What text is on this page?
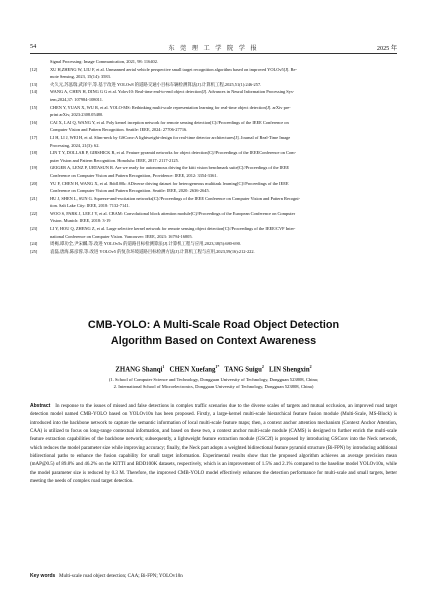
54	东 莞 理 工 学 院 学 报	2025 年
Signal Processing: Image Communication, 2021, 98: 116402.
[12]	XU H,ZHENG W, LIU F, et al. Unmanned aerial vehicle perspective small target recognition algorithm based on improved YOLOv5[J]. Re-
mote Sensing, 2023, 15(14): 3583.
[13]	火久元,苏泓瑞,武泽宇,等.基于改进 YOLOv8 的道路交通小目标车辆检测算法[J].计算机工程,2025,51(1):246-257.
[14]	WANG A, CHEN H, DING G G et al. Yolov10: Real-time end-to-end object detection[J]. Advances in Neural Information Processing Sys-
tem,2024,37: 107984-108011.
[15]	CHEN Y, YUAN X, WU R, et al. YOLO-MS: Rethinking multi-scale representation learning for real-time object detection[J]. arXiv pre-
print arXiv, 2023:2308.05480.
[16]	CAI X, LAI Q, WANG Y, et al. Poly kernel inception network for remote sensing detection[C]//Proceedings of the IEEE Conference on
Computer Vision and Pattern Recognition. Seattle: IEEE, 2024: 27706-27716.
[17]	LI H, LI J, WEI H, et al. Slim-neck by GSConv:A lightweight-design for real-time detector architectures[J]. Journal of Real-Time Image
Processing, 2024, 21(3): 62.
[18]	LIN T Y, DOLLAR P, GIRSHICK R, et al. Feature pyramid networks for object detection[C]//Proceedings of the IEEEConference on Com-
puter Vision and Pattern Recognition. Honolulu: IEEE, 2017: 2117-2125.
[19]	GEIGER A, LENZ P, URTASUN R. Are we ready for autonomous driving the kitti vision benchmark suite[C]//Proceedings of the IEEE
Conference on Computer Vision and Pattern Recognition, Providence: IEEE, 2012: 3354-3361.
[20]	YU F, CHEN H, WANG X, et al. Bdd100k: ADiverse driving dataset for heterogeneous multitask learning[C]//Proceedings of the IEEE
Conference on Computer Vision and Pattern Recognition. Seattle: IEEE, 2020: 2636-2645.
[21]	HU J, SHEN L, SUN G. Squeeze-and-excitation networks[C]//Proceedings of the IEEE Conference on Computer Vision and Pattern Recogni-
tion. Salt Lake City: IEEE, 2018: 7132-7141.
[22]	WOO S, PARK J, LEE J Y, et al. CBAM: Convolutional block attention module[C]//Proceedings of the European Conference on Computer
Vision. Munich: IEEE, 2018: 3-19
[23]	LI Y, HOU Q, ZHENG Z, et al. Large selective kernel network for remote sensing object detection[C]//Proceedings of the IEEE/CVF Inter-
national Conference on Computer Vision. Vancouver: IEEE, 2023: 16794-16805.
[24]	周褐,谭功全,尹宋麟,等.改进 YOLOv5s 的道路目标检测算法[J].计算机工程与应用,2023,38(5):680-690.
[25]	袁磊,唐海,陈彦蓉,等.改进 YOLOv5 的复杂环境道路目标检测方法[J].计算机工程与应用,2023,59(16):212-222.
CMB-YOLO: A Multi-Scale Road Object Detection
Algorithm Based on Context Awareness
ZHANG Shanqi$^1$ CHEN Xuefang$^{1*}$ TANG Suigu$^2$ LIN Shengxin$^2$
(1. School of Computer Science and Technology, Dongguan University of Technology, Dongguan 523808, China;
2. International School of Microelectronics, Dongguan University of Technology, Dongguan 523808, China)
Abstract In response to the issues of missed and false detections in complex traffic scenarios due to the diverse scales of targets and mutual occlusion, an improved road target detection model named CMB-YOLO based on YOLOv10n has been proposed. Firstly, a large-kernel multi-scale hierarchical feature fusion module (Multi-Scale, MS-Block) is introduced into the backbone network to capture the semantic information of local multi-scale feature maps; then, a context anchor attention mechanism (Context Anchor Attention, CAA) is utilized to focus on long-range contextual information, and based on these two, a context anchor multi-scale module (CAMS) is designed to further enrich the multi-scale feature extraction capabilities of the backbone network; subsequently, a lightweight feature extraction module (GSC2f) is proposed by introducing GSConv into the Neck network, which reduces the model parameter size while improving accuracy; finally, the Neck part adopts a weighted bidirectional feature pyramid structure (Bi-FPN) by introducing additional bidirectional paths to enhance the fusion capability for small target information. Experimental results show that the proposed algorithm achieves an average precision mean (mAP@0.5) of 89.8% and 46.2% on the KITTI and BDD100K datasets, respectively, which is an improvement of 1.5% and 2.1% compared to the baseline model YOLOv10n, while the model parameter size is reduced by 0.3 M. Therefore, the improved CMB-YOLO model effectively enhances the detection performance for multi-scale and small targets, better meeting the needs of complex road target detection.
Key words Multi-scale road object detection; CAA; Bi-FPN; YOLOv10n
